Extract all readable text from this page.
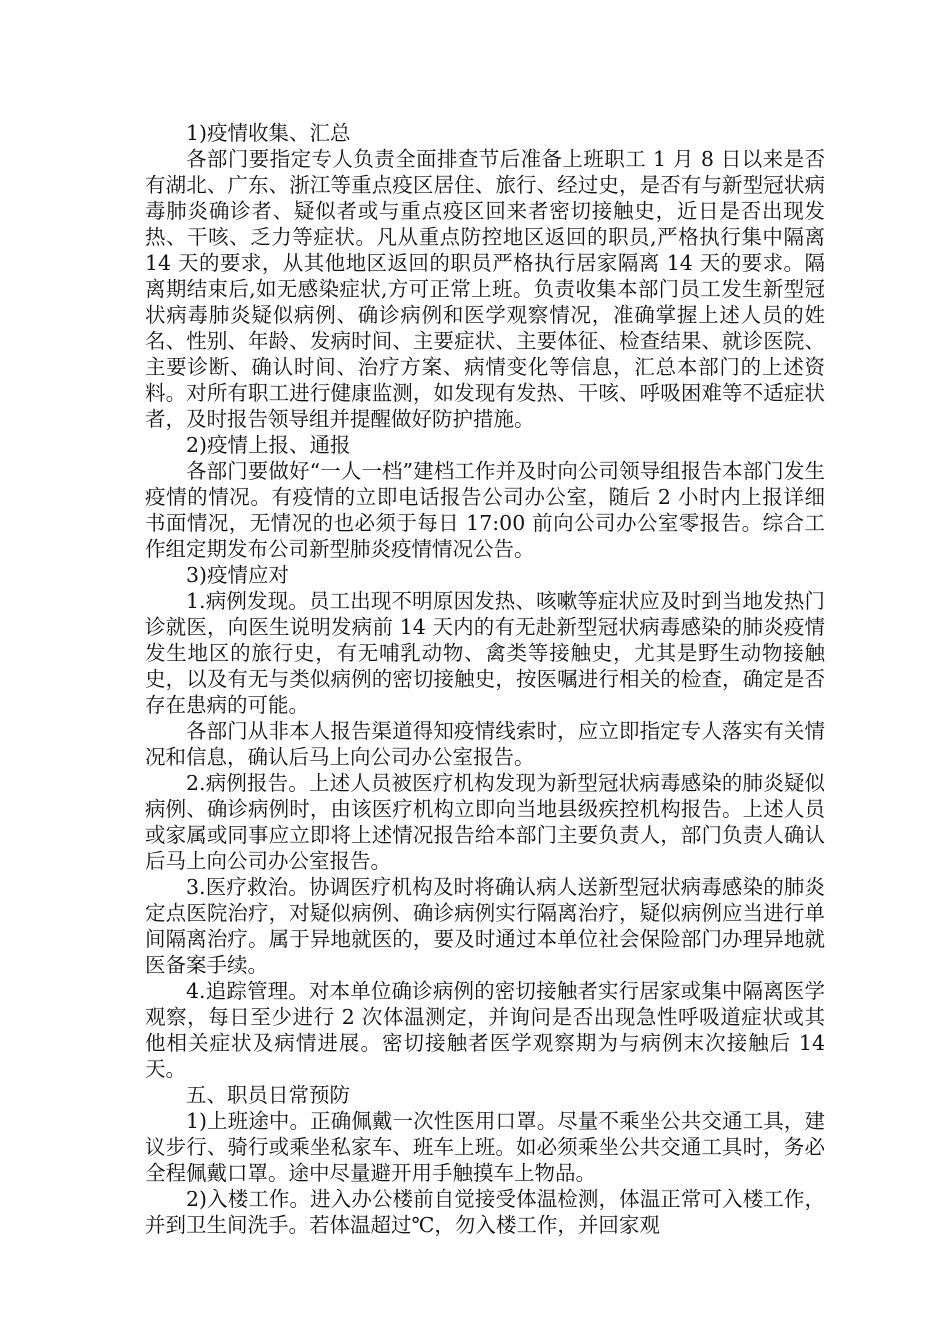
1)疫情收集、汇总

各部门要指定专人负责全面排查节后准备上班职工 1 月 8 日以来是否有湖北、广东、浙江等重点疫区居住、旅行、经过史，是否有与新型冠状病毒肺炎确诊者、疑似者或与重点疫区回来者密切接触史，近日是否出现发热、干咳、乏力等症状。凡从重点防控地区返回的职员,严格执行集中隔离 14 天的要求，从其他地区返回的职员严格执行居家隔离 14 天的要求。隔离期结束后,如无感染症状,方可正常上班。负责收集本部门员工发生新型冠状病毒肺炎疑似病例、确诊病例和医学观察情况，准确掌握上述人员的姓名、性别、年龄、发病时间、主要症状、主要体征、检查结果、就诊医院、主要诊断、确认时间、治疗方案、病情变化等信息，汇总本部门的上述资料。对所有职工进行健康监测，如发现有发热、干咳、呼吸困难等不适症状者，及时报告领导组并提醒做好防护措施。

2)疫情上报、通报

各部门要做好“一人一档”建档工作并及时向公司领导组报告本部门发生疫情的情况。有疫情的立即电话报告公司办公室，随后 2 小时内上报详细书面情况，无情况的也必须于每日 17:00 前向公司办公室零报告。综合工作组定期发布公司新型肺炎疫情情况公告。

3)疫情应对

1.病例发现。员工出现不明原因发热、咳嗽等症状应及时到当地发热门诊就医，向医生说明发病前 14 天内的有无赴新型冠状病毒感染的肺炎疫情发生地区的旅行史，有无哺乳动物、禽类等接触史，尤其是野生动物接触史，以及有无与类似病例的密切接触史，按医嘱进行相关的检查，确定是否存在患病的可能。

各部门从非本人报告渠道得知疫情线索时，应立即指定专人落实有关情况和信息，确认后马上向公司办公室报告。

2.病例报告。上述人员被医疗机构发现为新型冠状病毒感染的肺炎疑似病例、确诊病例时，由该医疗机构立即向当地县级疾控机构报告。上述人员或家属或同事应立即将上述情况报告给本部门主要负责人，部门负责人确认后马上向公司办公室报告。

3.医疗救治。协调医疗机构及时将确认病人送新型冠状病毒感染的肺炎定点医院治疗，对疑似病例、确诊病例实行隔离治疗，疑似病例应当进行单间隔离治疗。属于异地就医的，要及时通过本单位社会保险部门办理异地就医备案手续。

4.追踪管理。对本单位确诊病例的密切接触者实行居家或集中隔离医学观察，每日至少进行 2 次体温测定，并询问是否出现急性呼吸道症状或其他相关症状及病情进展。密切接触者医学观察期为与病例末次接触后 14 天。

五、职员日常预防

1)上班途中。正确佩戴一次性医用口罩。尽量不乘坐公共交通工具，建议步行、骑行或乘坐私家车、班车上班。如必须乘坐公共交通工具时，务必全程佩戴口罩。途中尽量避开用手触摸车上物品。

2)入楼工作。进入办公楼前自觉接受体温检测，体温正常可入楼工作，并到卫生间洗手。若体温超过℃，勿入楼工作，并回家观
